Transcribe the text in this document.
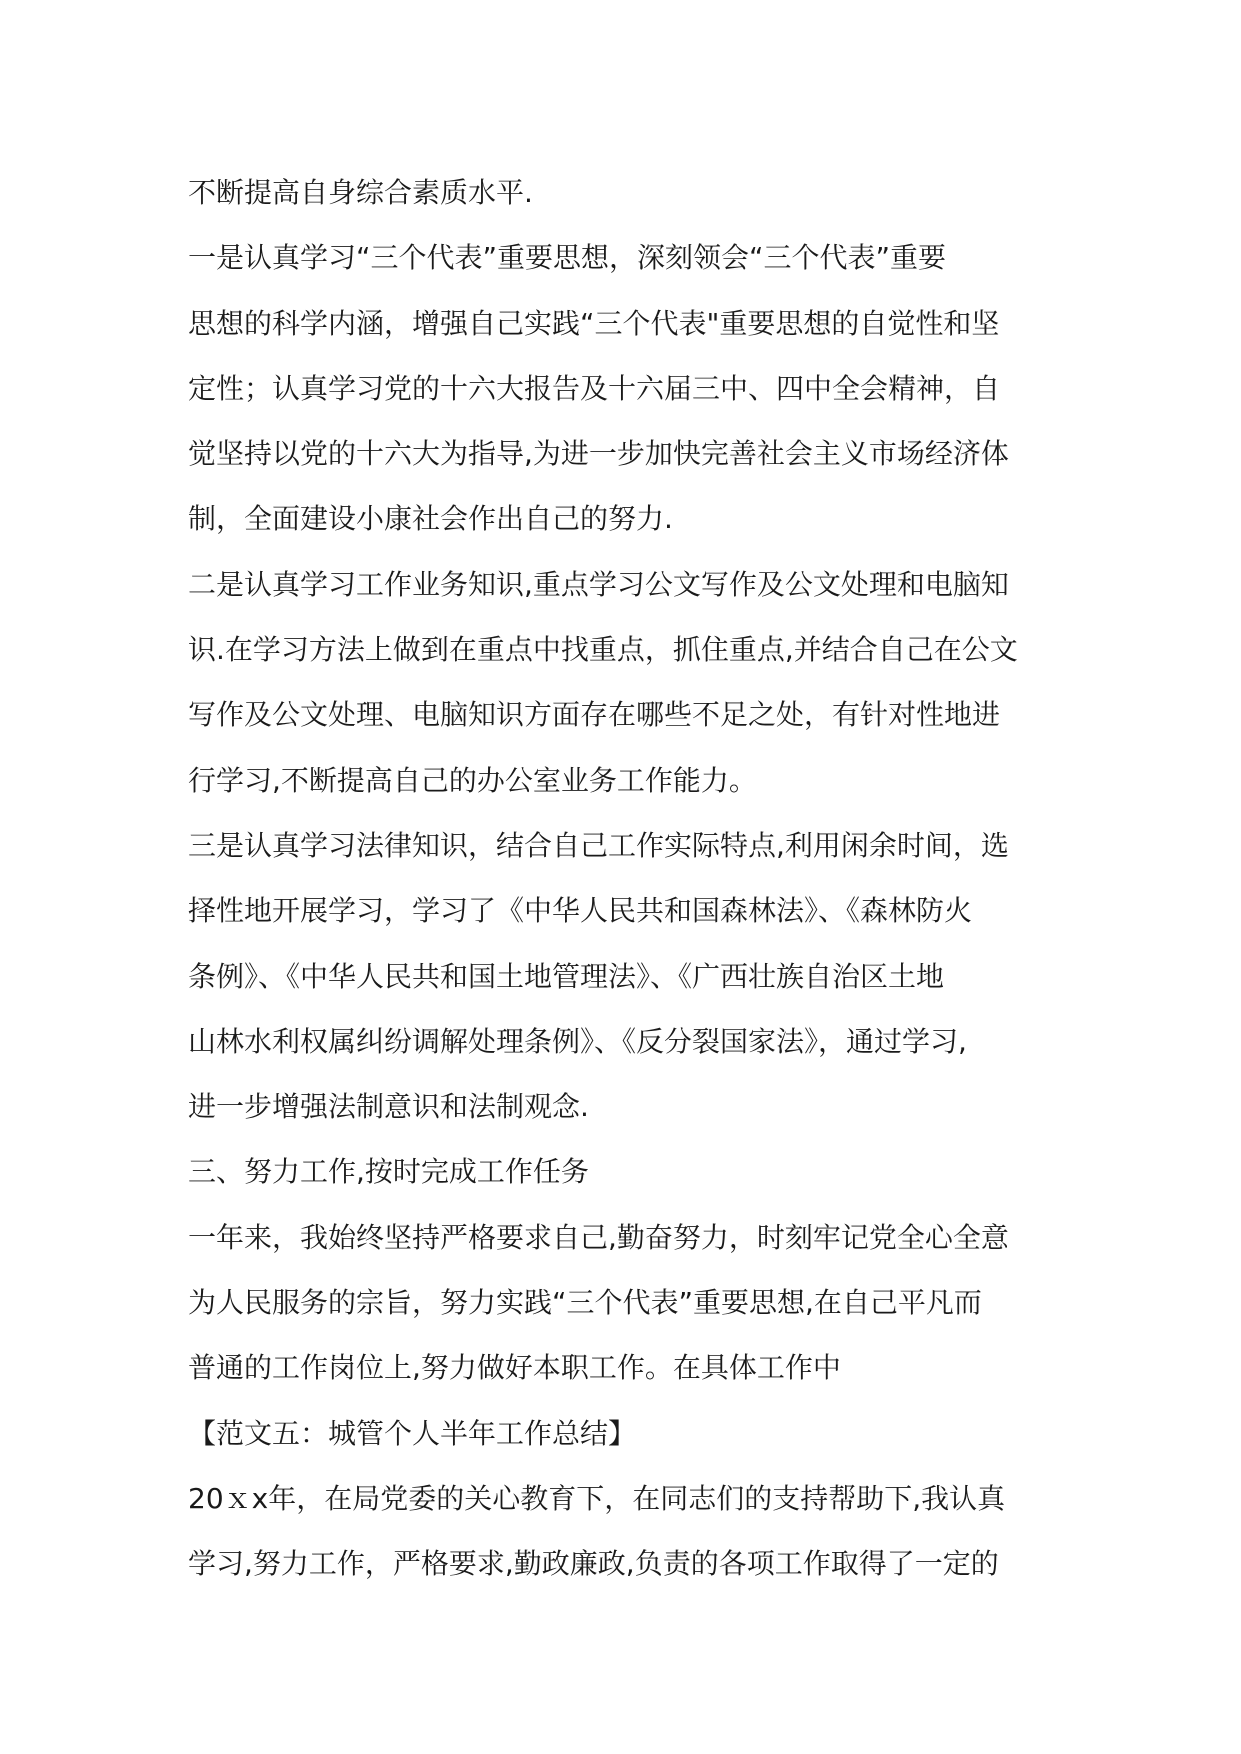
不断提高自身综合素质水平.
一是认真学习“三个代表”重要思想，深刻领会“三个代表”重要
思想的科学内涵，增强自己实践“三个代表"重要思想的自觉性和坚
定性；认真学习党的十六大报告及十六届三中、四中全会精神，自
觉坚持以党的十六大为指导,为进一步加快完善社会主义市场经济体
制，全面建设小康社会作出自己的努力.
二是认真学习工作业务知识,重点学习公文写作及公文处理和电脑知
识.在学习方法上做到在重点中找重点，抓住重点,并结合自己在公文
写作及公文处理、电脑知识方面存在哪些不足之处，有针对性地进
行学习,不断提高自己的办公室业务工作能力。
三是认真学习法律知识，结合自己工作实际特点,利用闲余时间，选
择性地开展学习，学习了《中华人民共和国森林法》、《森林防火
条例》、《中华人民共和国土地管理法》、《广西壮族自治区土地
山林水利权属纠纷调解处理条例》、《反分裂国家法》，通过学习,
进一步增强法制意识和法制观念.
三、努力工作,按时完成工作任务
一年来，我始终坚持严格要求自己,勤奋努力，时刻牢记党全心全意
为人民服务的宗旨，努力实践“三个代表”重要思想,在自己平凡而
普通的工作岗位上,努力做好本职工作。在具体工作中
【范文五：城管个人半年工作总结】
20ｘx年，在局党委的关心教育下，在同志们的支持帮助下,我认真
学习,努力工作，严格要求,勤政廉政,负责的各项工作取得了一定的
